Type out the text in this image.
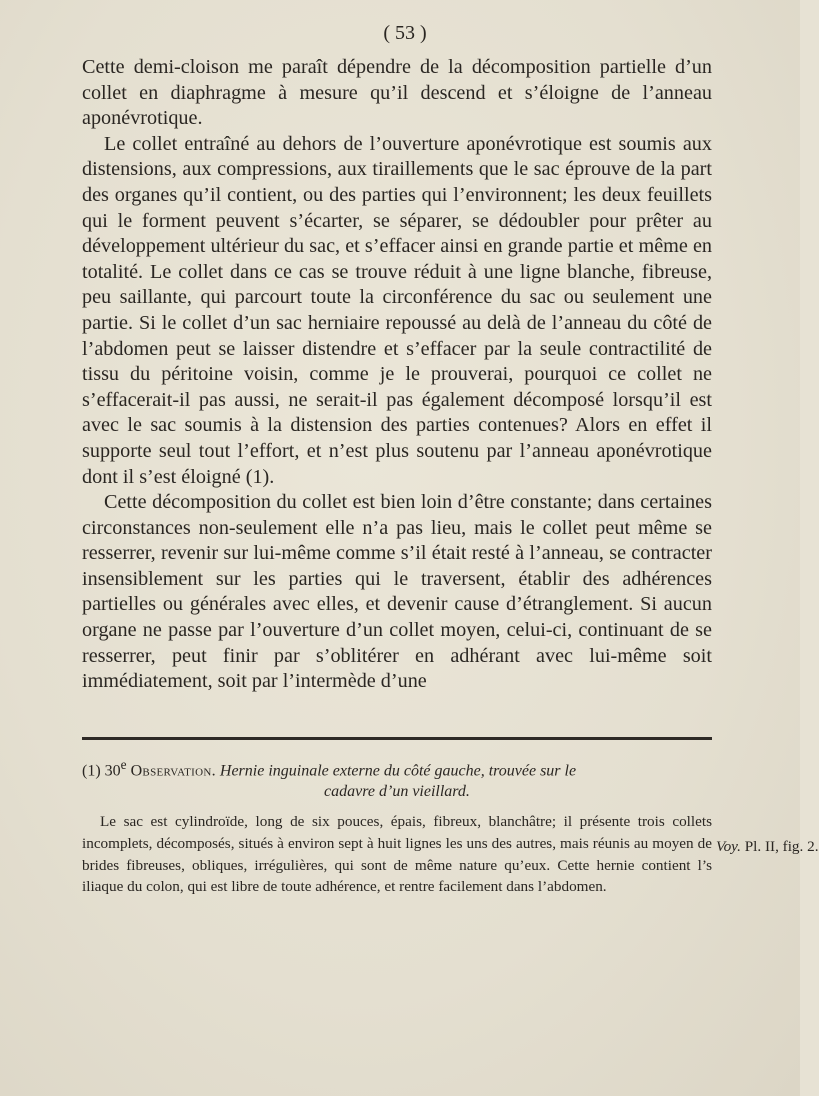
( 53 )

Cette demi-cloison me paraît dépendre de la décomposition partielle d’un collet en diaphragme à mesure qu’il descend et s’éloigne de l’anneau aponévrotique.

Le collet entraîné au dehors de l’ouverture aponévrotique est soumis aux distensions, aux compressions, aux tiraillements que le sac éprouve de la part des organes qu’il contient, ou des parties qui l’environnent; les deux feuillets qui le forment peuvent s’écarter, se séparer, se dédoubler pour prêter au développement ultérieur du sac, et s’effacer ainsi en grande partie et même en totalité. Le collet dans ce cas se trouve réduit à une ligne blanche, fibreuse, peu saillante, qui parcourt toute la circonférence du sac ou seulement une partie. Si le collet d’un sac herniaire repoussé au delà de l’anneau du côté de l’abdomen peut se laisser distendre et s’effacer par la seule contractilité de tissu du péritoine voisin, comme je le prouverai, pourquoi ce collet ne s’effacerait-il pas aussi, ne serait-il pas également décomposé lorsqu’il est avec le sac soumis à la distension des parties contenues? Alors en effet il supporte seul tout l’effort, et n’est plus soutenu par l’anneau aponévrotique dont il s’est éloigné (1).

Cette décomposition du collet est bien loin d’être constante; dans certaines circonstances non-seulement elle n’a pas lieu, mais le collet peut même se resserrer, revenir sur lui-même comme s’il était resté à l’anneau, se contracter insensiblement sur les parties qui le traversent, établir des adhérences partielles ou générales avec elles, et devenir cause d’étranglement. Si aucun organe ne passe par l’ouverture d’un collet moyen, celui-ci, continuant de se resserrer, peut finir par s’oblitérer en adhérant avec lui-même soit immédiatement, soit par l’intermède d’une

(1) 30e Observation. Hernie inguinale externe du côté gauche, trouvée sur le

cadavre d’un vieillard.

Le sac est cylindroïde, long de six pouces, épais, fibreux, blanchâtre; il présente trois collets incomplets, décomposés, situés à environ sept à huit lignes les uns des autres, mais réunis au moyen de brides fibreuses, obliques, irrégulières, qui sont de même nature qu’eux. Cette hernie contient l’s iliaque du colon, qui est libre de toute adhérence, et rentre facilement dans l’abdomen.

Voy. Pl. II, fig. 2.
